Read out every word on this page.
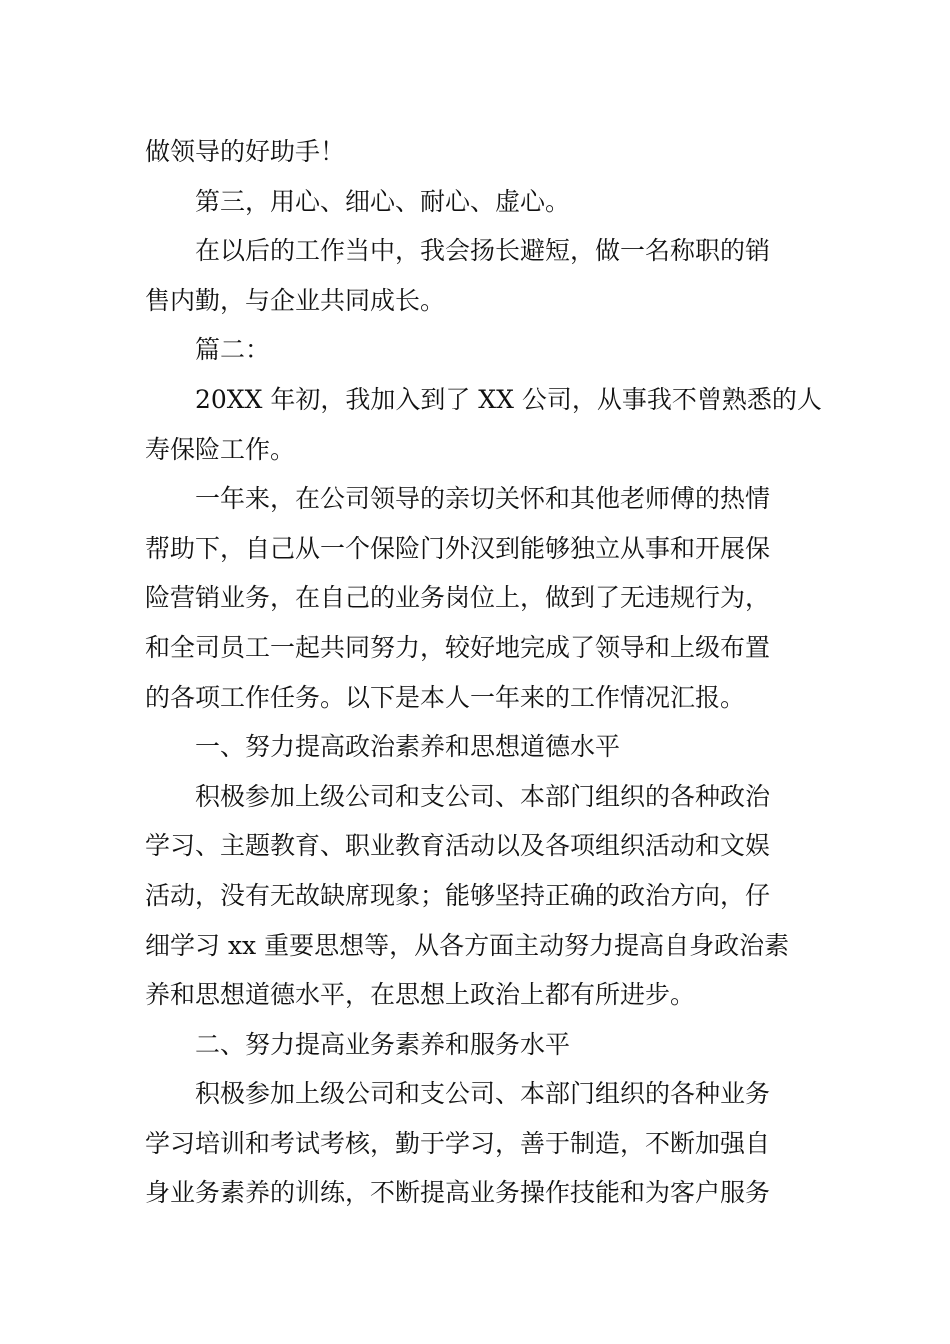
做领导的好助手！

第三，用心、细心、耐心、虚心。

在以后的工作当中，我会扬长避短，做一名称职的销
售内勤，与企业共同成长。

篇二：

20XX 年初，我加入到了 XX 公司，从事我不曾熟悉的人
寿保险工作。

一年来，在公司领导的亲切关怀和其他老师傅的热情
帮助下，自己从一个保险门外汉到能够独立从事和开展保
险营销业务，在自己的业务岗位上，做到了无违规行为，
和全司员工一起共同努力，较好地完成了领导和上级布置
的各项工作任务。以下是本人一年来的工作情况汇报。

一、努力提高政治素养和思想道德水平

积极参加上级公司和支公司、本部门组织的各种政治
学习、主题教育、职业教育活动以及各项组织活动和文娱
活动，没有无故缺席现象；能够坚持正确的政治方向，仔
细学习 xx 重要思想等，从各方面主动努力提高自身政治素
养和思想道德水平，在思想上政治上都有所进步。

二、努力提高业务素养和服务水平

积极参加上级公司和支公司、本部门组织的各种业务
学习培训和考试考核，勤于学习，善于制造，不断加强自
身业务素养的训练，不断提高业务操作技能和为客户服务
